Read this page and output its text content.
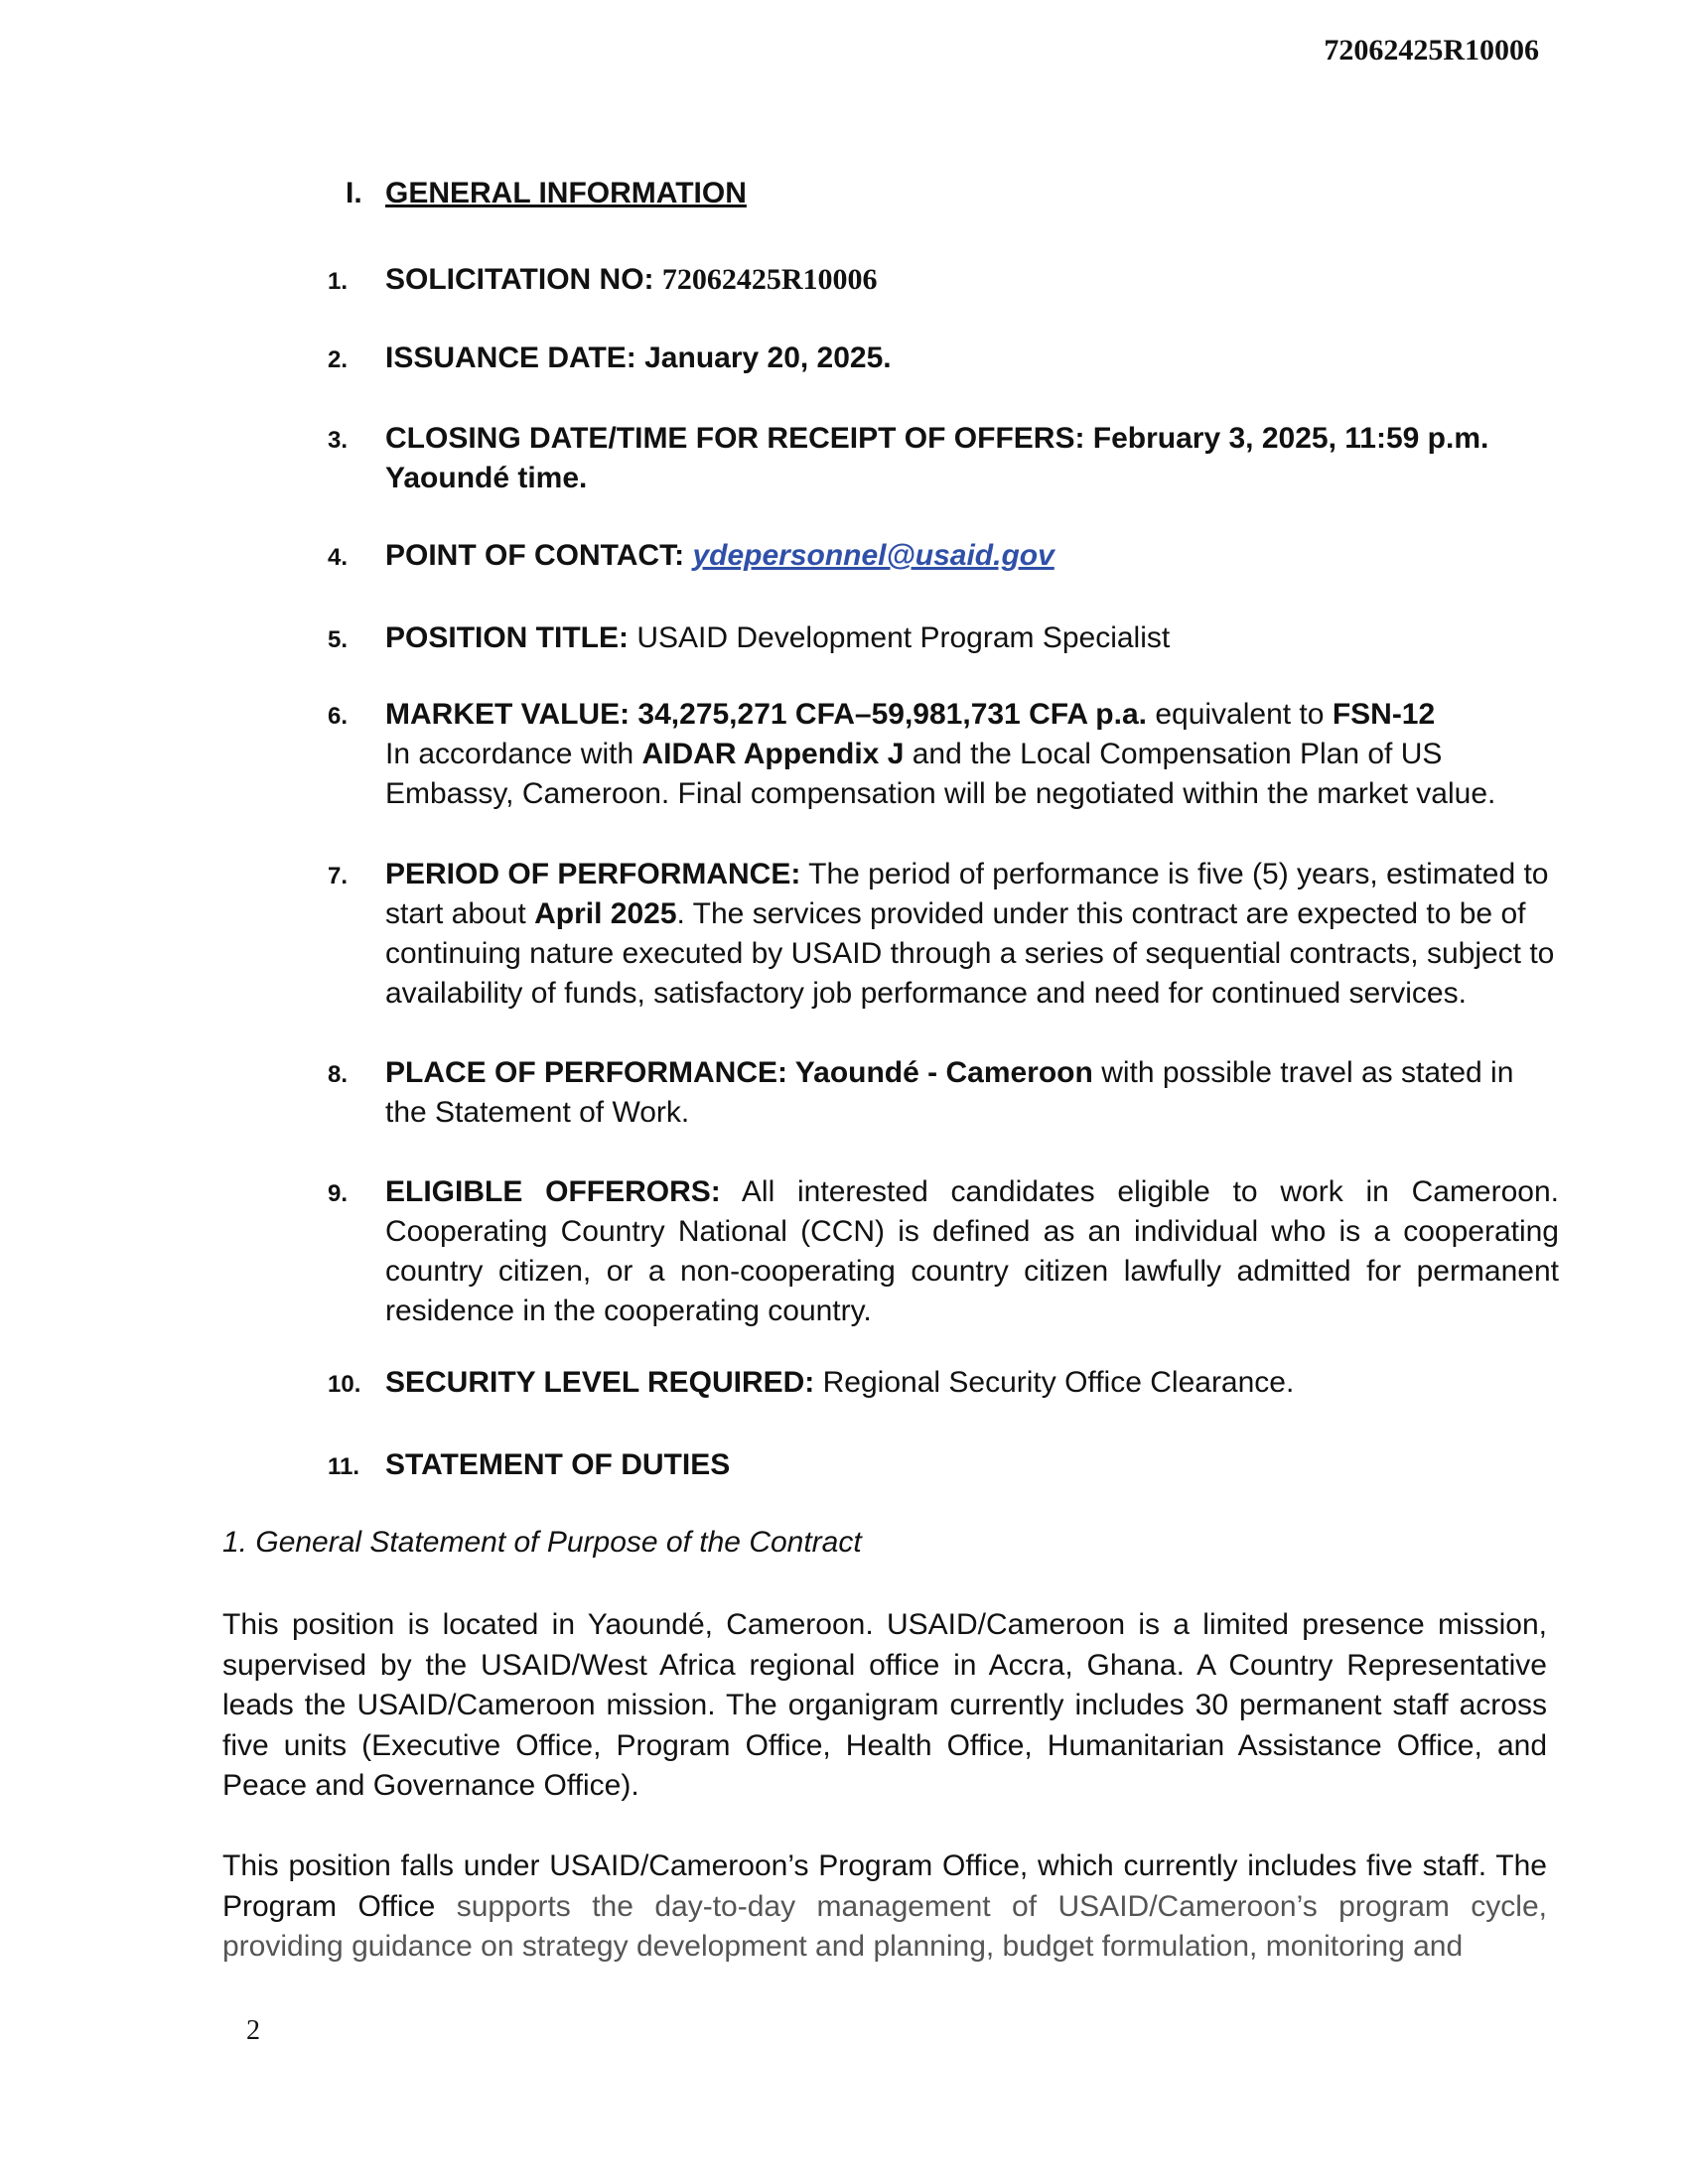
72062425R10006
I. GENERAL INFORMATION
1.	SOLICITATION NO: 72062425R10006
2.	ISSUANCE DATE: January 20, 2025.
3.	CLOSING DATE/TIME FOR RECEIPT OF OFFERS: February 3, 2025, 11:59 p.m. Yaoundé time.
4.	POINT OF CONTACT: ydepersonnel@usaid.gov
5.	POSITION TITLE: USAID Development Program Specialist
6.	MARKET VALUE: 34,275,271 CFA–59,981,731 CFA p.a. equivalent to FSN-12
In accordance with AIDAR Appendix J and the Local Compensation Plan of US Embassy, Cameroon. Final compensation will be negotiated within the market value.
7.	PERIOD OF PERFORMANCE: The period of performance is five (5) years, estimated to start about April 2025. The services provided under this contract are expected to be of continuing nature executed by USAID through a series of sequential contracts, subject to availability of funds, satisfactory job performance and need for continued services.
8.	PLACE OF PERFORMANCE: Yaoundé - Cameroon with possible travel as stated in the Statement of Work.
9.	ELIGIBLE OFFERORS: All interested candidates eligible to work in Cameroon. Cooperating Country National (CCN) is defined as an individual who is a cooperating country citizen, or a non-cooperating country citizen lawfully admitted for permanent residence in the cooperating country.
10. SECURITY LEVEL REQUIRED: Regional Security Office Clearance.
11. STATEMENT OF DUTIES
1. General Statement of Purpose of the Contract
This position is located in Yaoundé, Cameroon. USAID/Cameroon is a limited presence mission, supervised by the USAID/West Africa regional office in Accra, Ghana. A Country Representative leads the USAID/Cameroon mission. The organigram currently includes 30 permanent staff across five units (Executive Office, Program Office, Health Office, Humanitarian Assistance Office, and Peace and Governance Office).
This position falls under USAID/Cameroon’s Program Office, which currently includes five staff. The Program Office supports the day-to-day management of USAID/Cameroon’s program cycle, providing guidance on strategy development and planning, budget formulation, monitoring and
2
